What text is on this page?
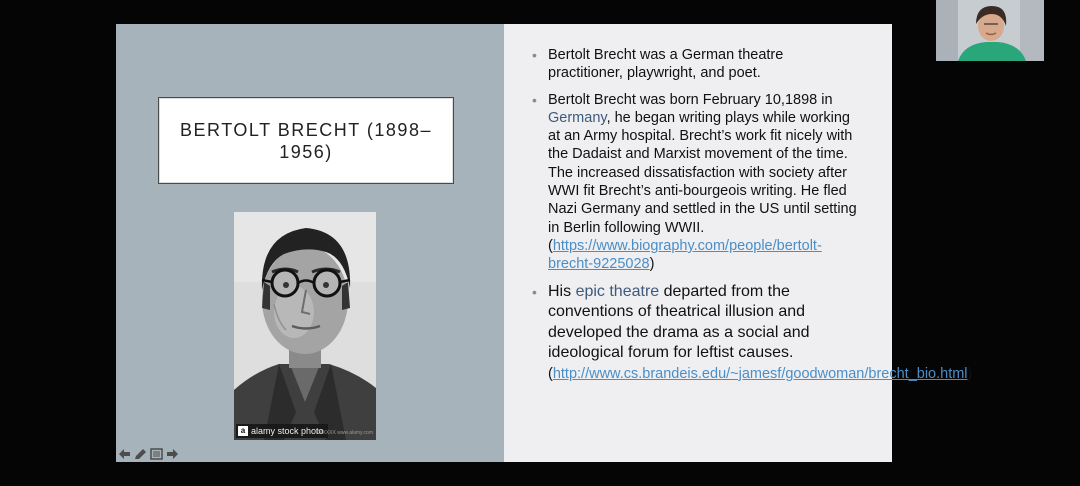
BERTOLT BRECHT (1898–1956)
a alamy stock photo
KXXXXX www.alamy.com
• Bertolt Brecht was a German theatre practitioner, playwright, and poet.
• Bertolt Brecht was born February 10,1898 in Germany, he began writing plays while working at an Army hospital. Brecht’s work fit nicely with the Dadaist and Marxist movement of the time. The increased dissatisfaction with society after WWI fit Brecht’s anti-bourgeois writing. He fled Nazi Germany and settled in the US until setting in Berlin following WWII. (https://www.biography.com/people/bertolt-brecht-9225028)
• His epic theatre departed from the conventions of theatrical illusion and developed the drama as a social and ideological forum for leftist causes. (http://www.cs.brandeis.edu/~jamesf/goodwoman/brecht_bio.html)
